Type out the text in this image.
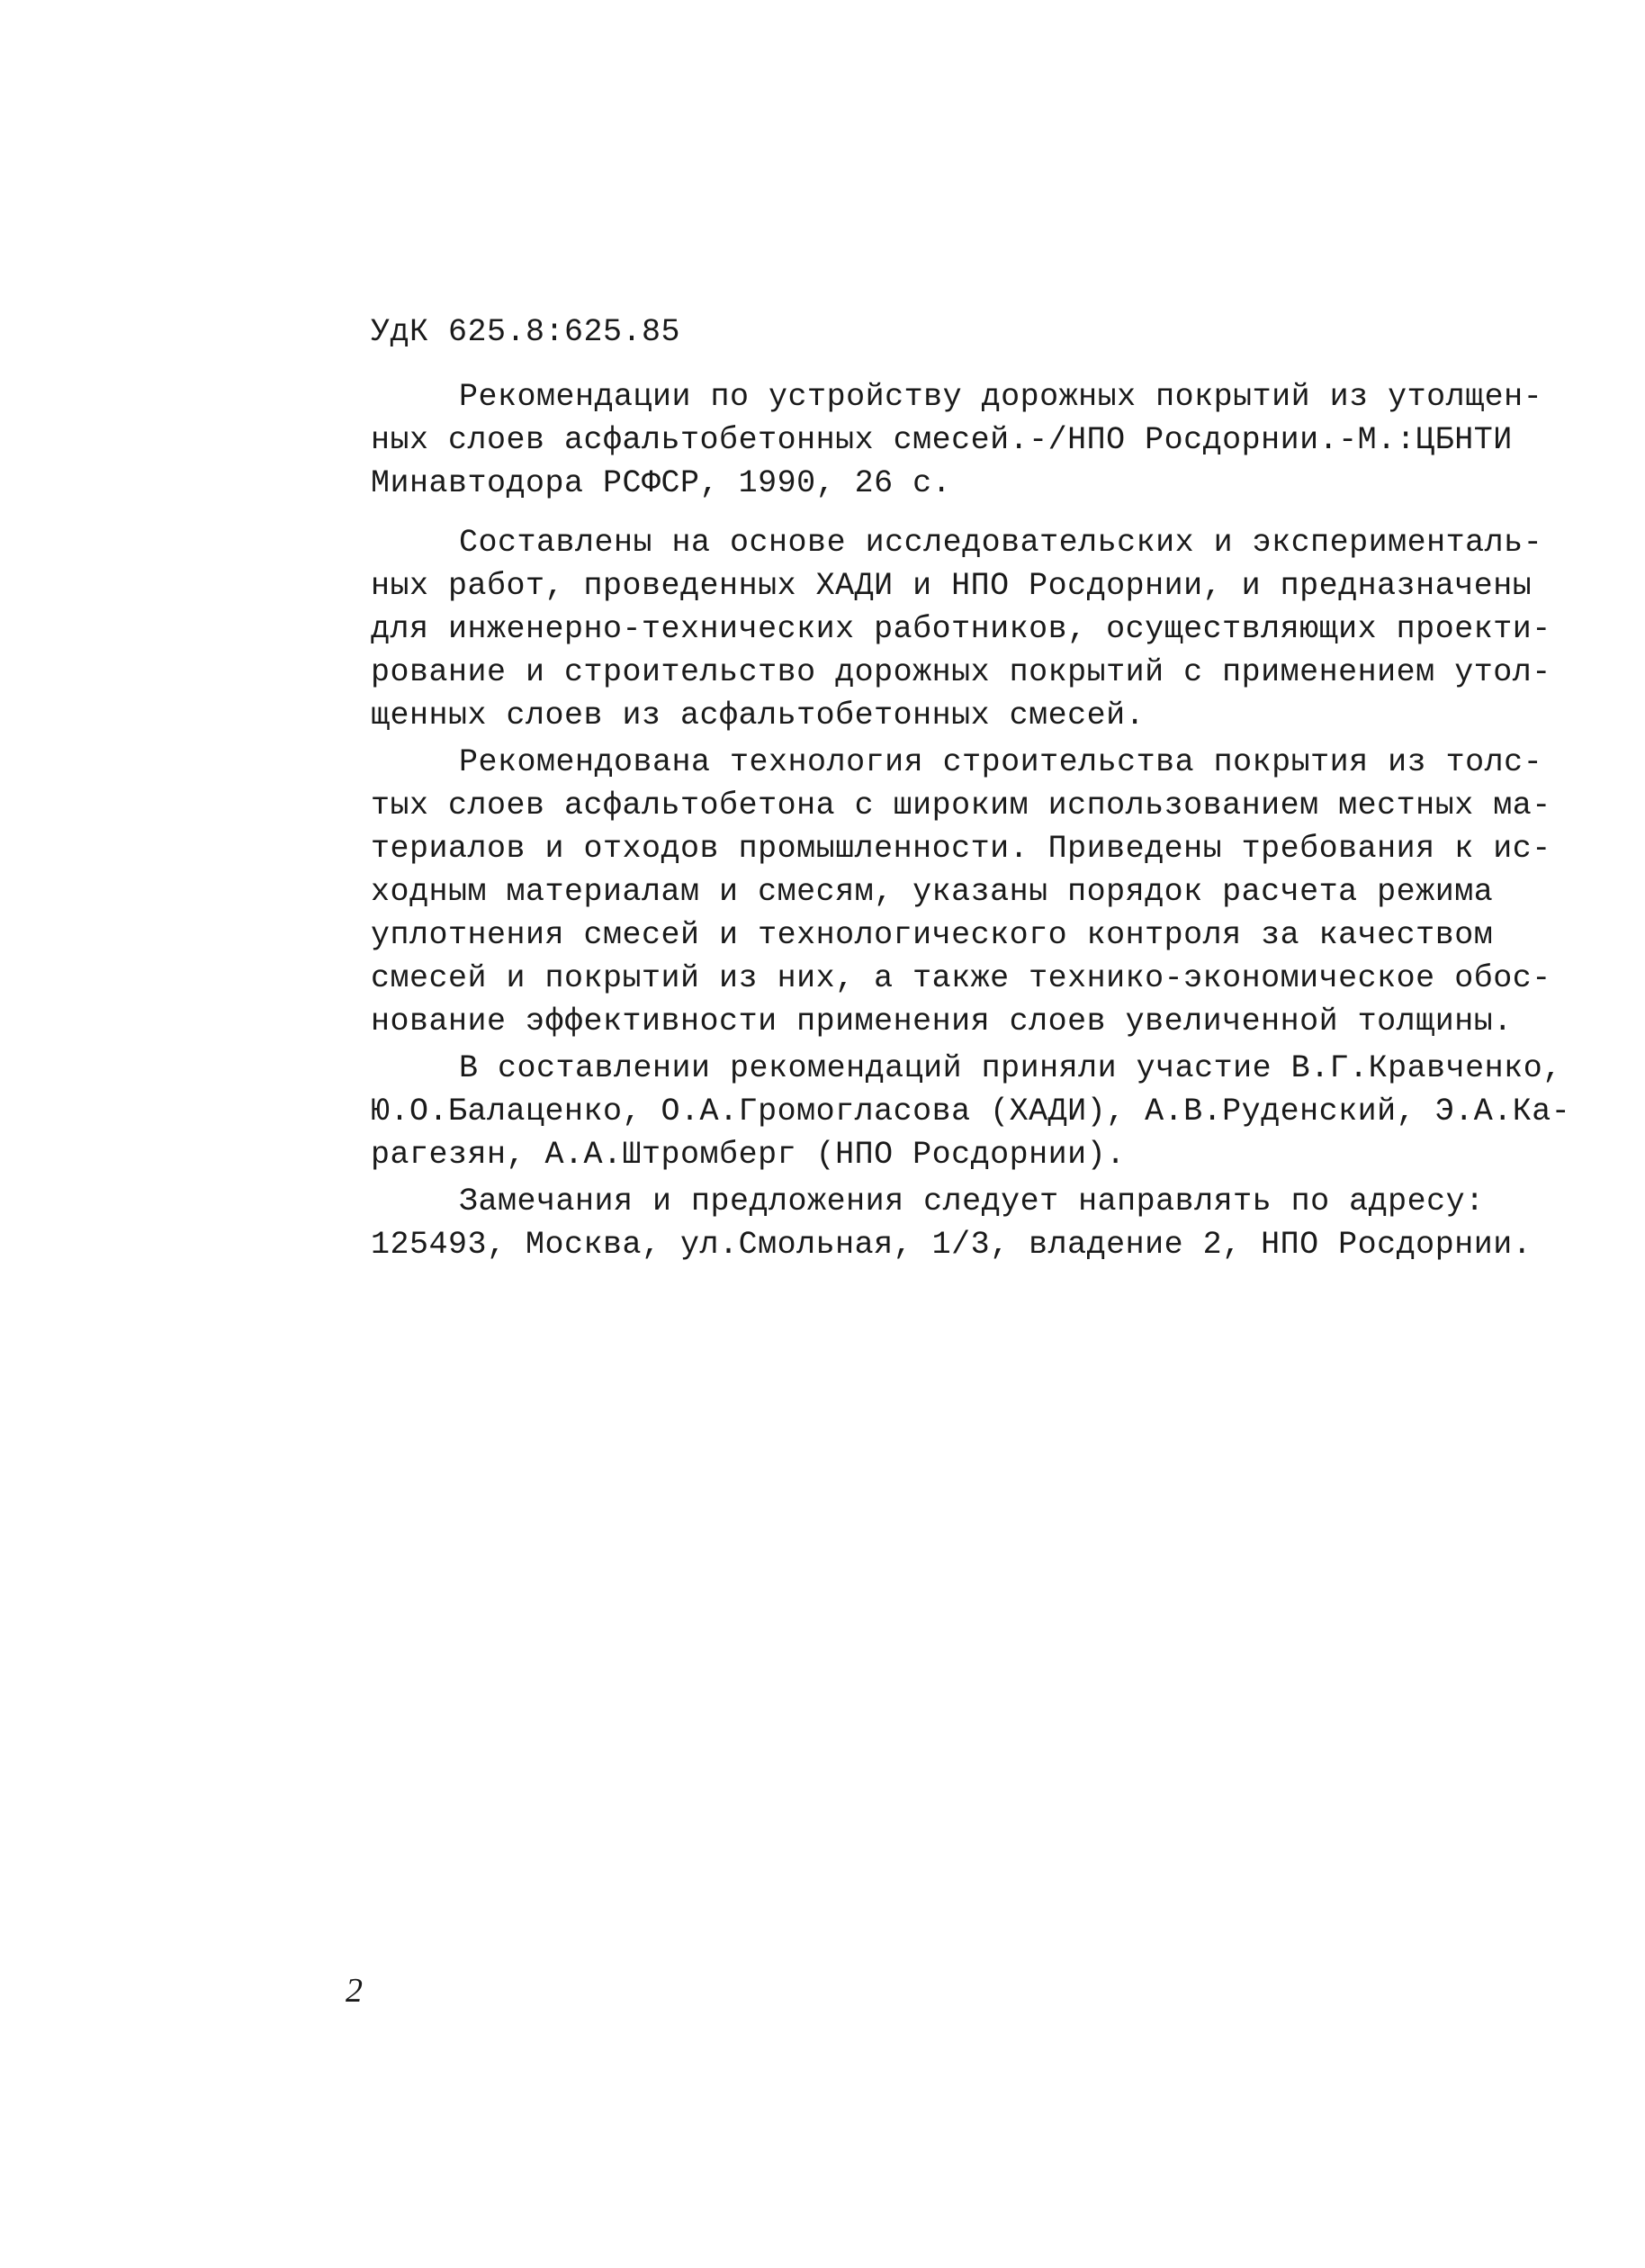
УдК 625.8:625.85
Рекомендации по устройству дорожных покрытий из утолщен-
ных слоев асфальтобетонных смесей.-/НПО Росдорнии.-М.:ЦБНТИ
Минавтодора РСФСР, 1990, 26 с.
Составлены на основе исследовательских и эксперименталь-
ных работ, проведенных ХАДИ и НПО Росдорнии, и предназначены
для инженерно-технических работников, осуществляющих проекти-
рование и строительство дорожных покрытий с применением утол-
щенных слоев из асфальтобетонных смесей.
Рекомендована технология строительства покрытия из толс-
тых слоев асфальтобетона с широким использованием местных ма-
териалов и отходов промышленности. Приведены требования к ис-
ходным материалам и смесям, указаны порядок расчета режима
уплотнения смесей и технологического контроля за качеством
смесей и покрытий из них, а также технико-экономическое обос-
нование эффективности применения слоев увеличенной толщины.
В составлении рекомендаций приняли участие В.Г.Кравченко,
Ю.О.Балаценко, О.А.Громогласова (ХАДИ), А.В.Руденский, Э.А.Ка-
рагезян, А.А.Штромберг (НПО Росдорнии).
Замечания и предложения следует направлять по адресу:
125493, Москва, ул.Смольная, 1/3, владение 2, НПО Росдорнии.
2
